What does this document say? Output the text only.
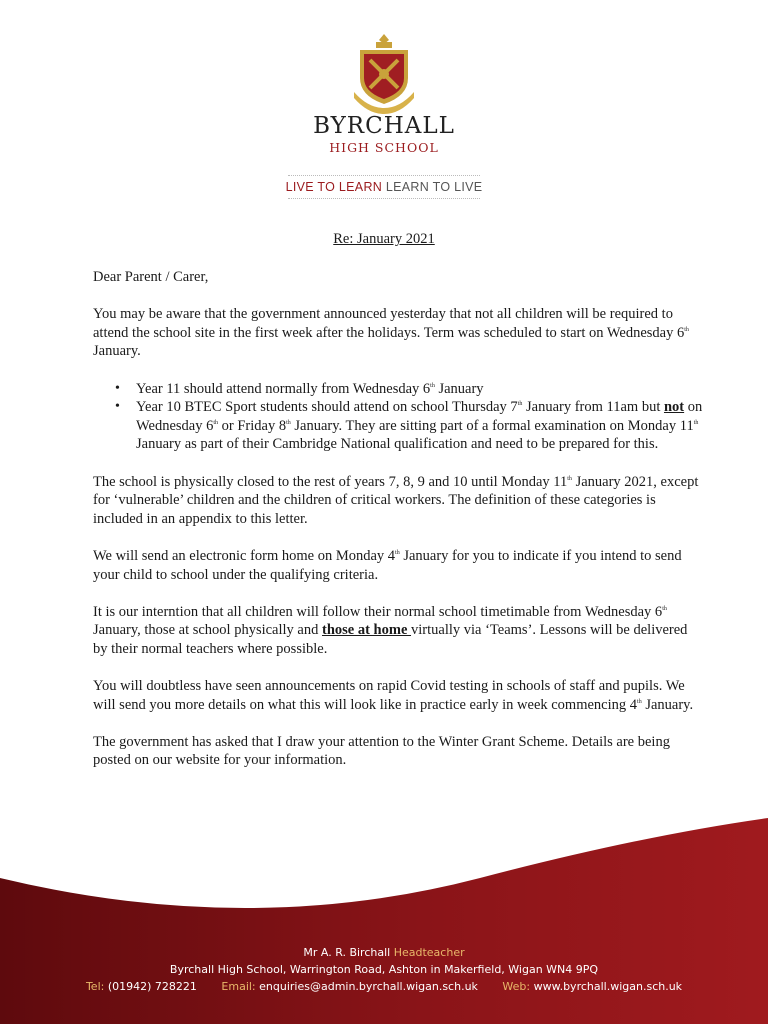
BYRCHALL
HIGH SCHOOL
LIVE TO LEARN LEARN TO LIVE
Re: January 2021

Dear Parent / Carer,

You may be aware that the government announced yesterday that not all children will be required to attend the school site in the first week after the holidays. Term was scheduled to start on Wednesday 6th January.

• Year 11 should attend normally from Wednesday 6th January
• Year 10 BTEC Sport students should attend on school Thursday 7th January from 11am but not on Wednesday 6th or Friday 8th January. They are sitting part of a formal examination on Monday 11th January as part of their Cambridge National qualification and need to be prepared for this.

The school is physically closed to the rest of years 7, 8, 9 and 10 until Monday 11th January 2021, except for ‘vulnerable’ children and the children of critical workers. The definition of these categories is included in an appendix to this letter.

We will send an electronic form home on Monday 4th January for you to indicate if you intend to send your child to school under the qualifying criteria.

It is our interntion that all children will follow their normal school timetimable from Wednesday 6th January, those at school physically and those at home virtually via ‘Teams’. Lessons will be delivered by their normal teachers where possible.

You will doubtless have seen announcements on rapid Covid testing in schools of staff and pupils. We will send you more details on what this will look like in practice early in week commencing 4th January.

The government has asked that I draw your attention to the Winter Grant Scheme. Details are being posted on our website for your information.

Mr A. R. Birchall Headteacher
Byrchall High School, Warrington Road, Ashton in Makerfield, Wigan WN4 9PQ
Tel: (01942) 728221 Email: enquiries@admin.byrchall.wigan.sch.uk Web: www.byrchall.wigan.sch.uk
